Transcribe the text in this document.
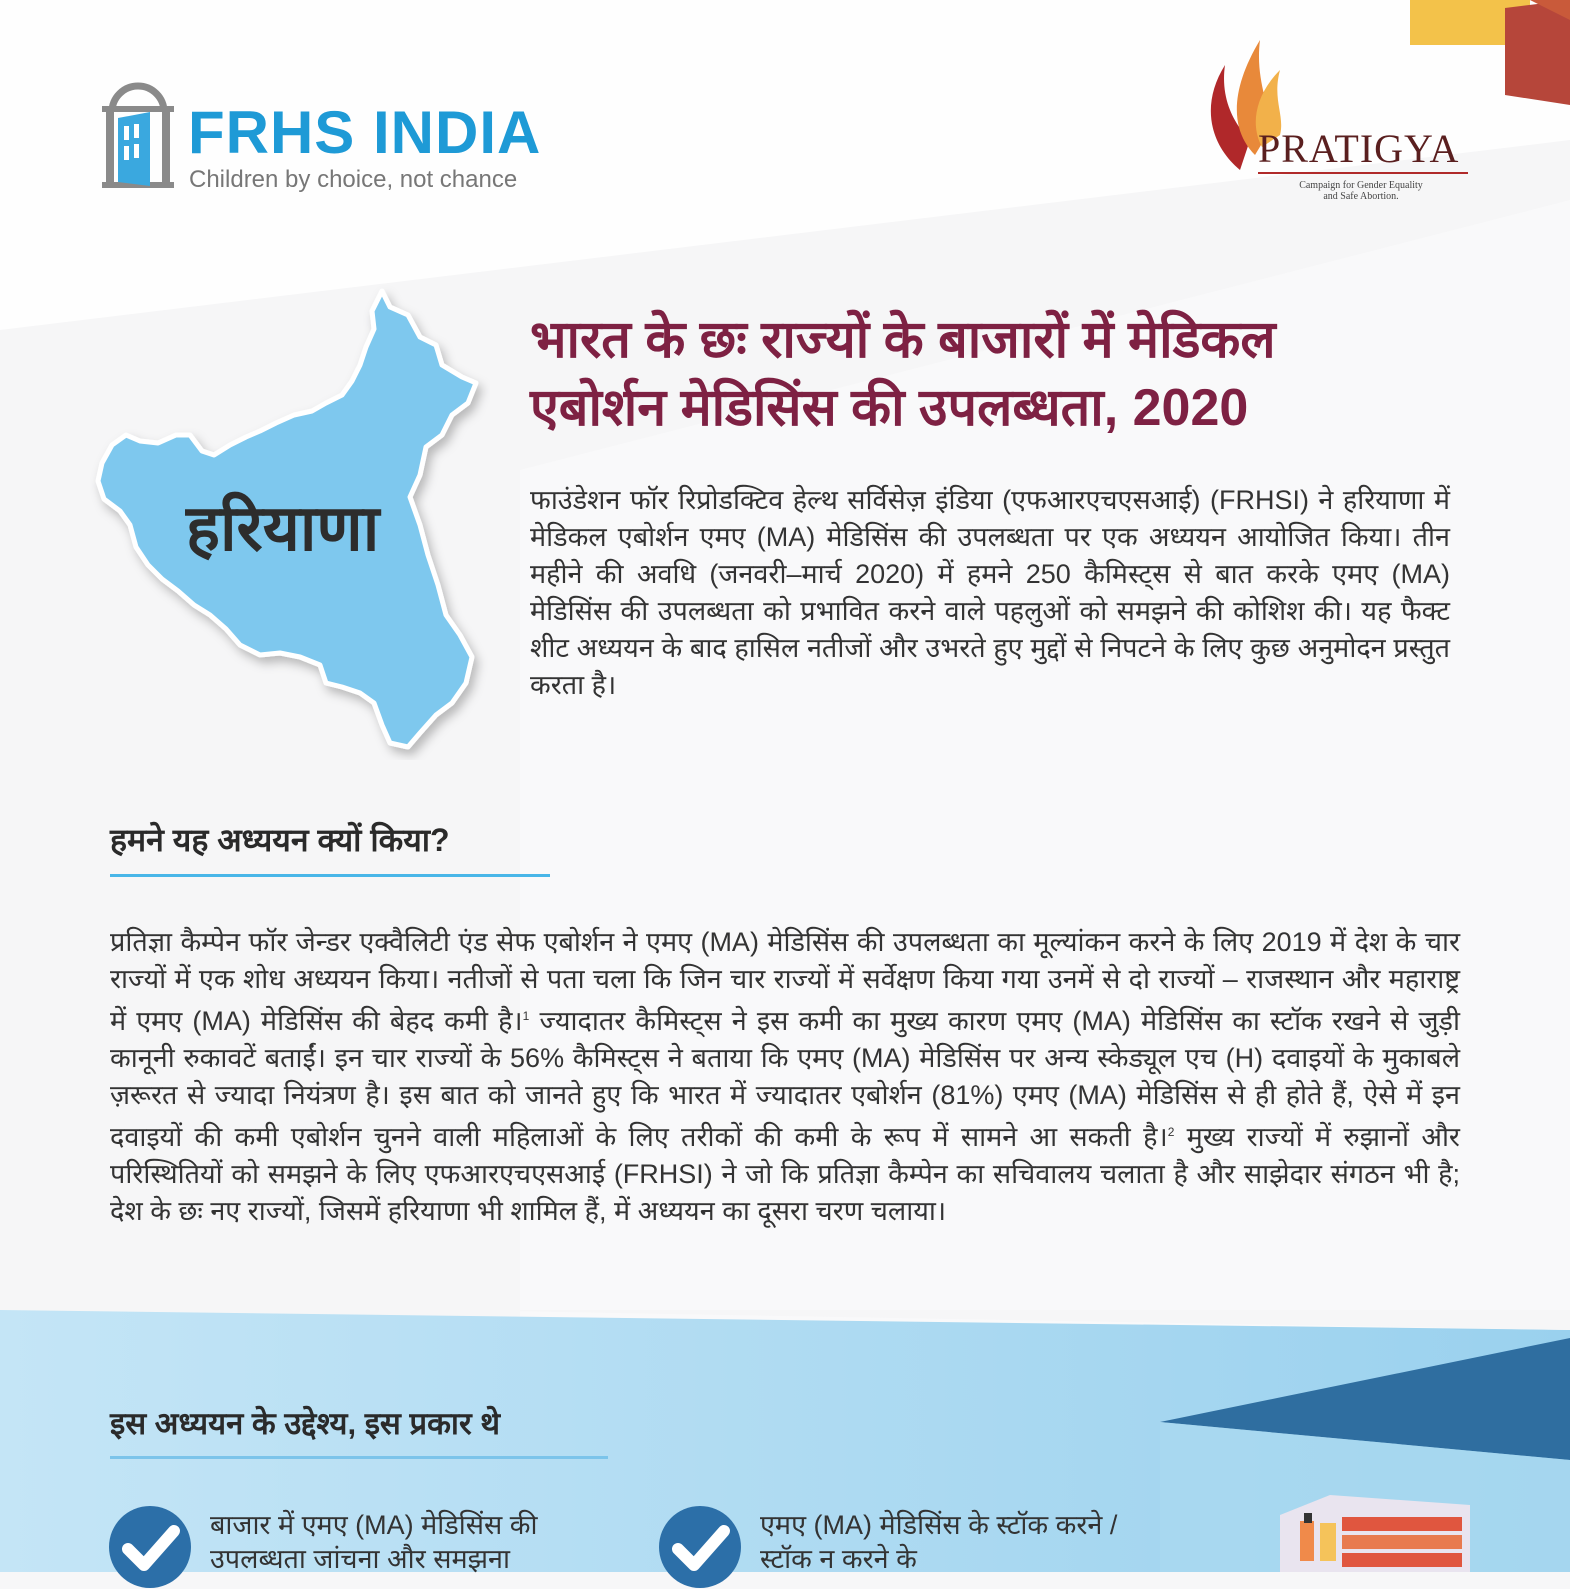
FRHS INDIA
Children by choice, not chance
PRATIGYA
Campaign for Gender Equality and Safe Abortion.
हरियाणा
भारत के छः राज्यों के बाजारों में मेडिकल एबोर्शन मेडिसिंस की उपलब्धता, 2020
फाउंडेशन फॉर रिप्रोडक्टिव हेल्थ सर्विसेज़ इंडिया (एफआरएचएसआई) (FRHSI) ने हरियाणा में मेडिकल एबोर्शन एमए (MA) मेडिसिंस की उपलब्धता पर एक अध्ययन आयोजित किया। तीन महीने की अवधि (जनवरी–मार्च 2020) में हमने 250 कैमिस्ट्स से बात करके एमए (MA) मेडिसिंस की उपलब्धता को प्रभावित करने वाले पहलुओं को समझने की कोशिश की। यह फैक्ट शीट अध्ययन के बाद हासिल नतीजों और उभरते हुए मुद्दों से निपटने के लिए कुछ अनुमोदन प्रस्तुत करता है।
हमने यह अध्ययन क्यों किया?
प्रतिज्ञा कैम्पेन फॉर जेन्डर एक्वैलिटी एंड सेफ एबोर्शन ने एमए (MA) मेडिसिंस की उपलब्धता का मूल्यांकन करने के लिए 2019 में देश के चार राज्यों में एक शोध अध्ययन किया। नतीजों से पता चला कि जिन चार राज्यों में सर्वेक्षण किया गया उनमें से दो राज्यों – राजस्थान और महाराष्ट्र में एमए (MA) मेडिसिंस की बेहद कमी है।$^1$ ज्यादातर कैमिस्ट्स ने इस कमी का मुख्य कारण एमए (MA) मेडिसिंस का स्टॉक रखने से जुड़ी कानूनी रुकावटें बताईं। इन चार राज्यों के 56% कैमिस्ट्स ने बताया कि एमए (MA) मेडिसिंस पर अन्य स्केड्यूल एच (H) दवाइयों के मुकाबले ज़रूरत से ज्यादा नियंत्रण है। इस बात को जानते हुए कि भारत में ज्यादातर एबोर्शन (81%) एमए (MA) मेडिसिंस से ही होते हैं, ऐसे में इन दवाइयों की कमी एबोर्शन चुनने वाली महिलाओं के लिए तरीकों की कमी के रूप में सामने आ सकती है।$^2$ मुख्य राज्यों में रुझानों और परिस्थितियों को समझने के लिए एफआरएचएसआई (FRHSI) ने जो कि प्रतिज्ञा कैम्पेन का सचिवालय चलाता है और साझेदार संगठन भी है; देश के छः नए राज्यों, जिसमें हरियाणा भी शामिल हैं, में अध्ययन का दूसरा चरण चलाया।
इस अध्ययन के उद्देश्य, इस प्रकार थे
बाजार में एमए (MA) मेडिसिंस की उपलब्धता जांचना और समझना
एमए (MA) मेडिसिंस के स्टॉक करने / स्टॉक न करने के
